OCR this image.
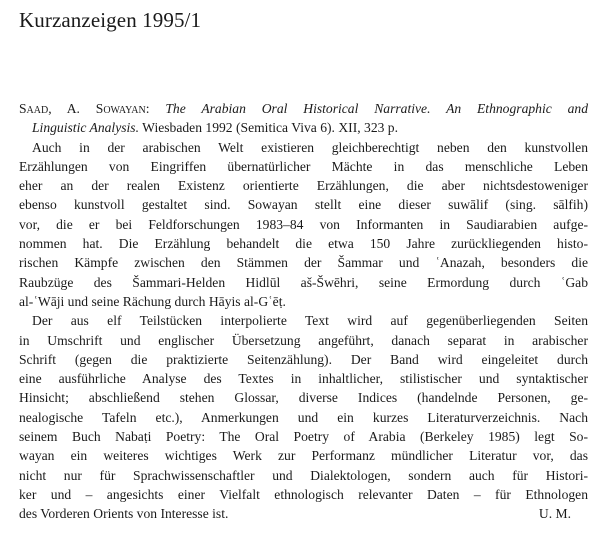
Kurzanzeigen 1995/1
Saad, A. Sowayan: The Arabian Oral Historical Narrative. An Ethnographic and
Linguistic Analysis. Wiesbaden 1992 (Semitica Viva 6). XII, 323 p.
Auch in der arabischen Welt existieren gleichberechtigt neben den kunstvollen
Erzählungen von Eingriffen übernatürlicher Mächte in das menschliche Leben
eher an der realen Existenz orientierte Erzählungen, die aber nichtsdestoweniger
ebenso kunstvoll gestaltet sind. Sowayan stellt eine dieser suwālif (sing. sālfih)
vor, die er bei Feldforschungen 1983–84 von Informanten in Saudiarabien aufge-
nommen hat. Die Erzählung behandelt die etwa 150 Jahre zurückliegenden histo-
rischen Kämpfe zwischen den Stämmen der Šammar und ʿAnazah, besonders die
Raubzüge des Šammari-Helden Hidlūl aš-Šwēhri, seine Ermordung durch ʿGab
al-ʿWāji und seine Rächung durch Hāyis al-Gʿēṭ.
Der aus elf Teilstücken interpolierte Text wird auf gegenüberliegenden Seiten
in Umschrift und englischer Übersetzung angeführt, danach separat in arabischer
Schrift (gegen die praktizierte Seitenzählung). Der Band wird eingeleitet durch
eine ausführliche Analyse des Textes in inhaltlicher, stilistischer und syntaktischer
Hinsicht; abschließend stehen Glossar, diverse Indices (handelnde Personen, ge-
nealogische Tafeln etc.), Anmerkungen und ein kurzes Literaturverzeichnis. Nach
seinem Buch Nabaṭi Poetry: The Oral Poetry of Arabia (Berkeley 1985) legt So-
wayan ein weiteres wichtiges Werk zur Performanz mündlicher Literatur vor, das
nicht nur für Sprachwissenschaftler und Dialektologen, sondern auch für Histori-
ker und – angesichts einer Vielfalt ethnologisch relevanter Daten – für Ethnologen
des Vorderen Orients von Interesse ist.	U. M.
